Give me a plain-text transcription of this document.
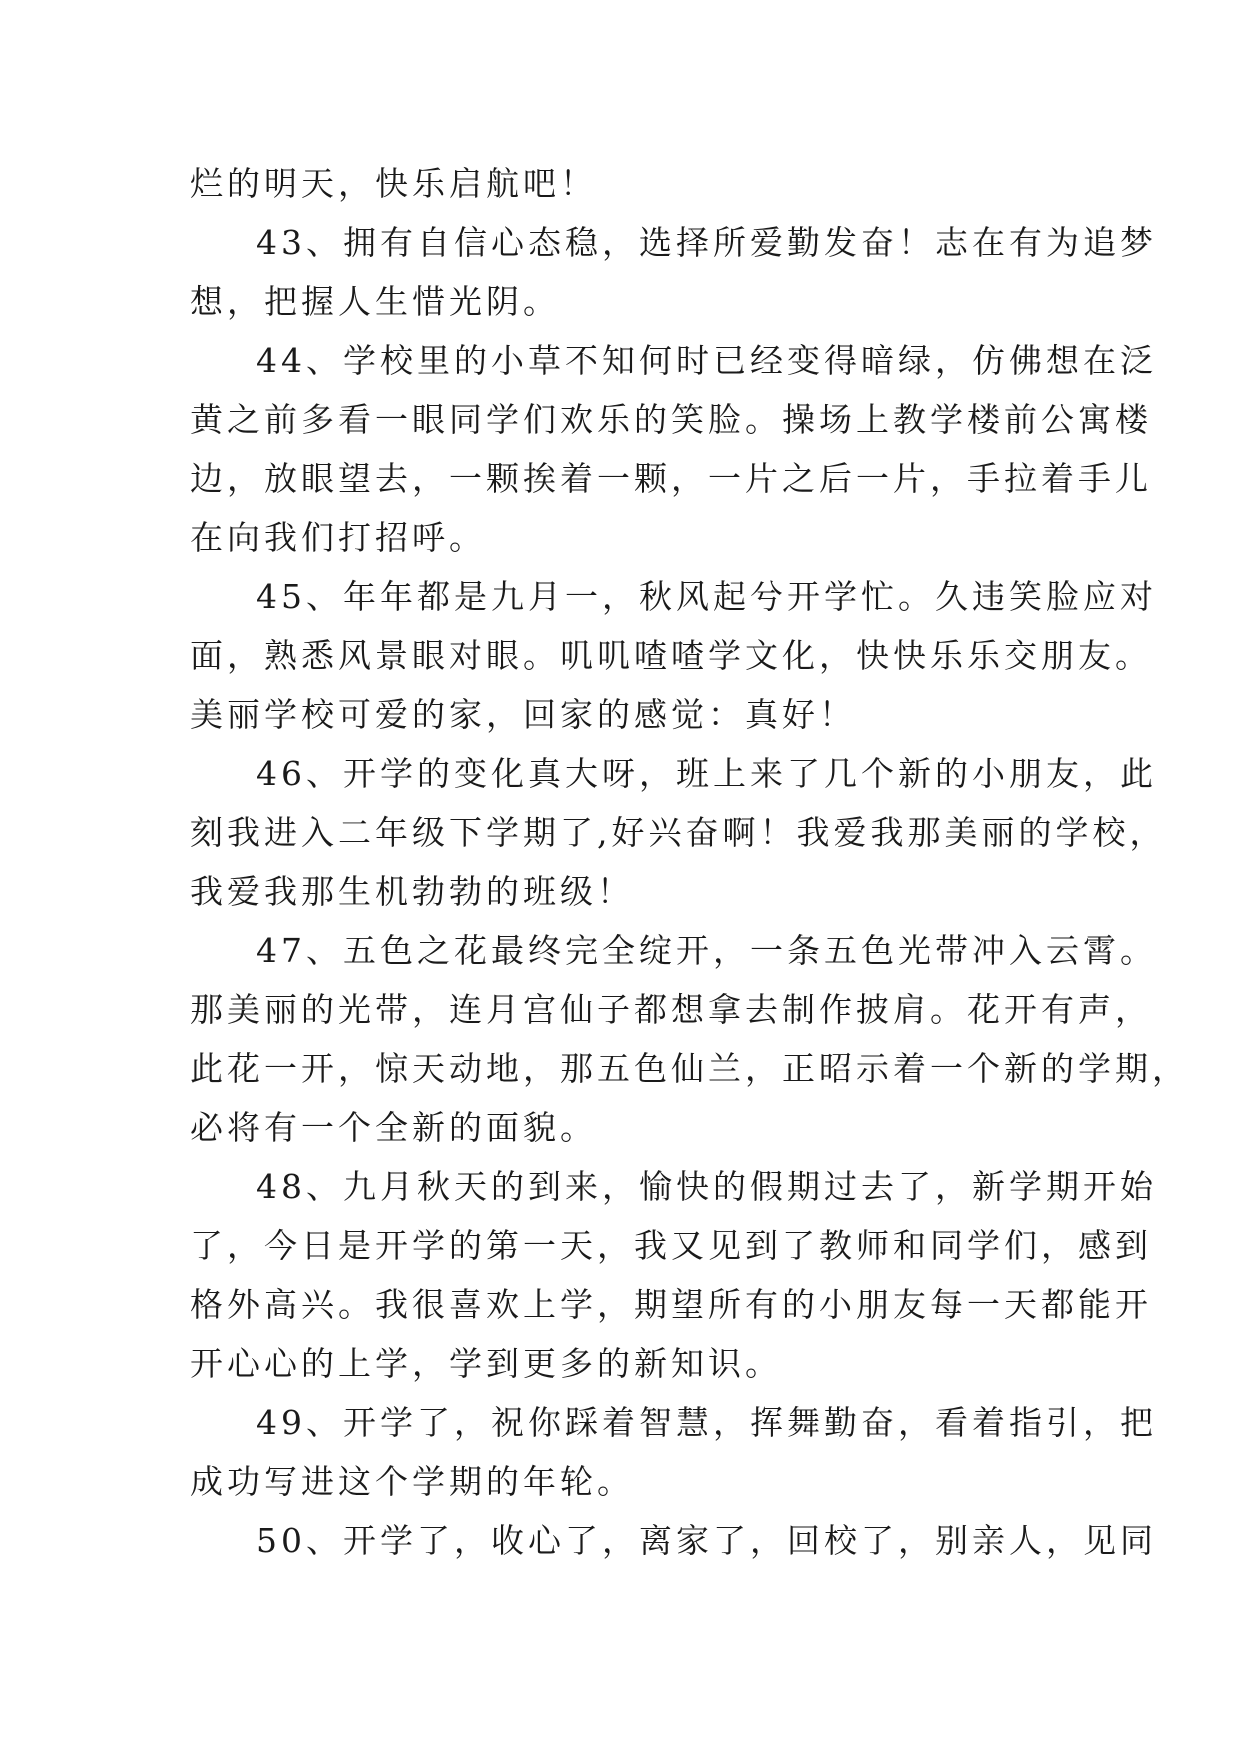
烂的明天，快乐启航吧！
43、拥有自信心态稳，选择所爱勤发奋！志在有为追梦
想，把握人生惜光阴。
44、学校里的小草不知何时已经变得暗绿，仿佛想在泛
黄之前多看一眼同学们欢乐的笑脸。操场上教学楼前公寓楼
边，放眼望去，一颗挨着一颗，一片之后一片，手拉着手儿
在向我们打招呼。
45、年年都是九月一，秋风起兮开学忙。久违笑脸应对
面，熟悉风景眼对眼。叽叽喳喳学文化，快快乐乐交朋友。
美丽学校可爱的家，回家的感觉：真好！
46、开学的变化真大呀，班上来了几个新的小朋友，此
刻我进入二年级下学期了,好兴奋啊！我爱我那美丽的学校，
我爱我那生机勃勃的班级！
47、五色之花最终完全绽开，一条五色光带冲入云霄。
那美丽的光带，连月宫仙子都想拿去制作披肩。花开有声，
此花一开，惊天动地，那五色仙兰，正昭示着一个新的学期，
必将有一个全新的面貌。
48、九月秋天的到来，愉快的假期过去了，新学期开始
了，今日是开学的第一天，我又见到了教师和同学们，感到
格外高兴。我很喜欢上学，期望所有的小朋友每一天都能开
开心心的上学，学到更多的新知识。
49、开学了，祝你踩着智慧，挥舞勤奋，看着指引，把
成功写进这个学期的年轮。
50、开学了，收心了，离家了，回校了，别亲人，见同
